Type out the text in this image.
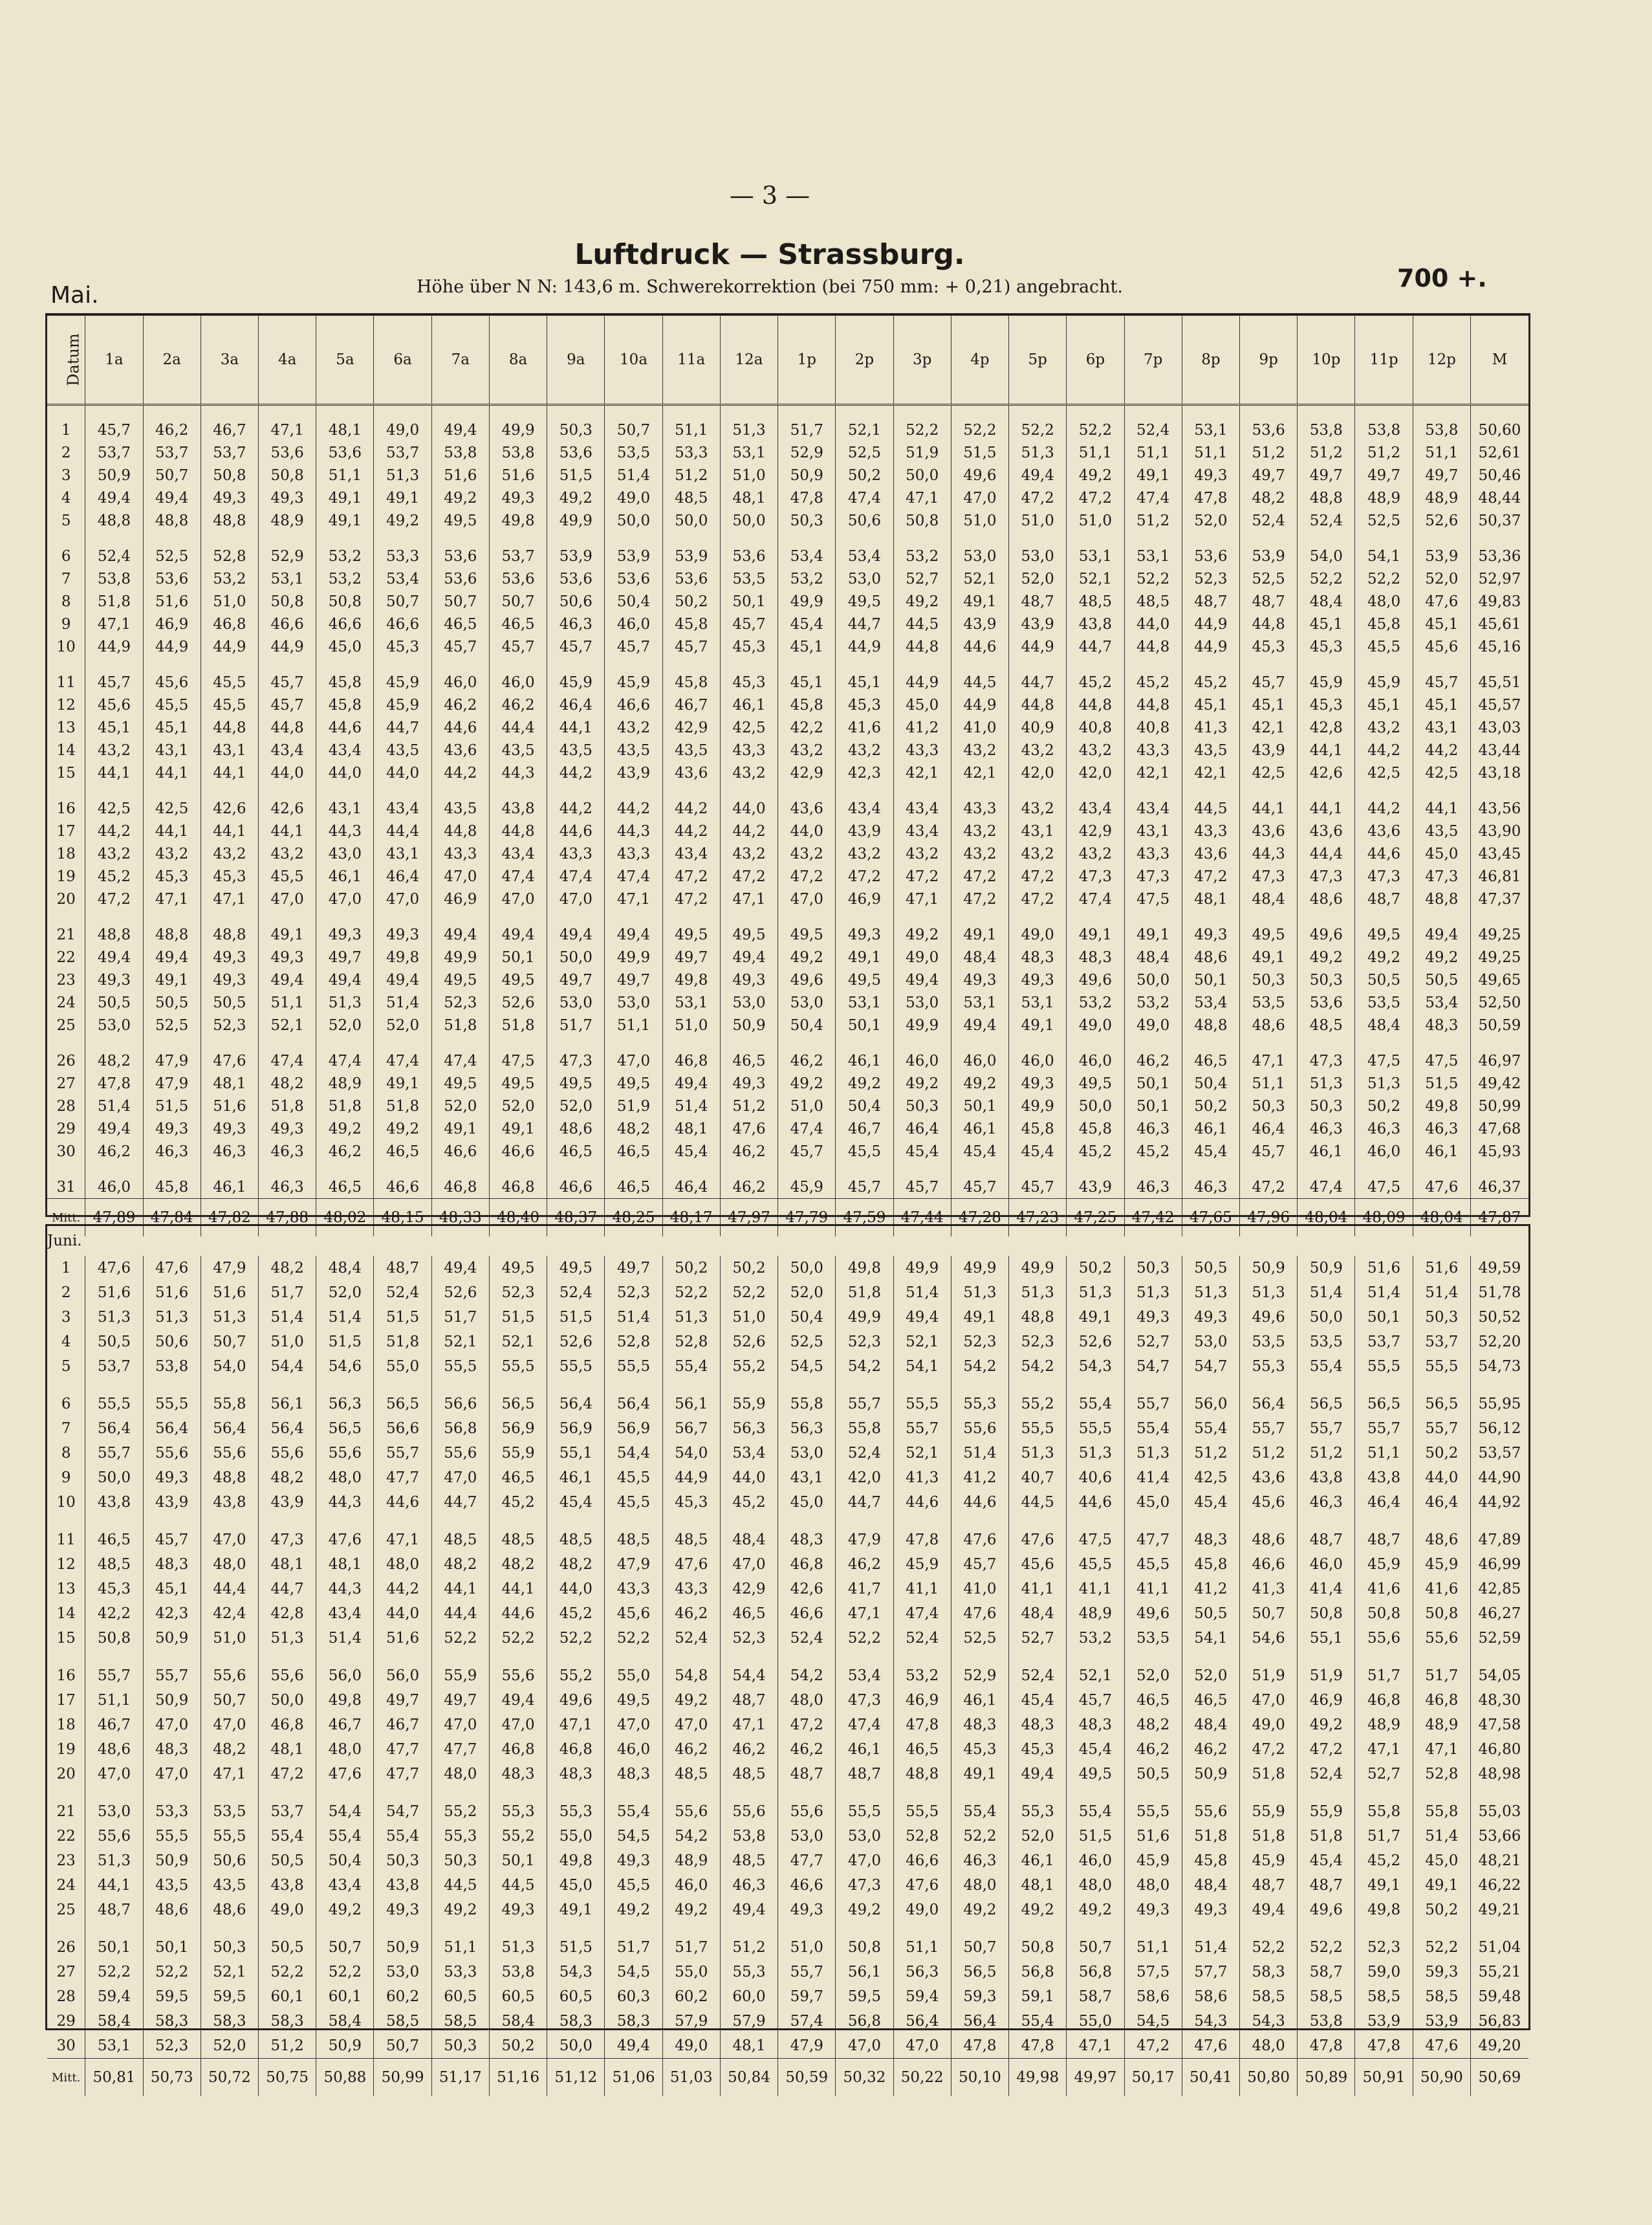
— 3 —
Luftdruck — Strassburg.
Mai.	Höhe über N N: 143,6 m. Schwerekorrektion (bei 750 mm: + 0,21) angebracht.	700 +.
Datum	1a	2a	3a	4a	5a	6a	7a	8a	9a	10a	11a	12a	1p	2p	3p	4p	5p	6p	7p	8p	9p	10p	11p	12p	M

1	45,7	46,2	46,7	47,1	48,1	49,0	49,4	49,9	50,3	50,7	51,1	51,3	51,7	52,1	52,2	52,2	52,2	52,2	52,4	53,1	53,6	53,8	53,8	53,8	50,60
2	53,7	53,7	53,7	53,6	53,6	53,7	53,8	53,8	53,6	53,5	53,3	53,1	52,9	52,5	51,9	51,5	51,3	51,1	51,1	51,1	51,2	51,2	51,2	51,1	52,61
3	50,9	50,7	50,8	50,8	51,1	51,3	51,6	51,6	51,5	51,4	51,2	51,0	50,9	50,2	50,0	49,6	49,4	49,2	49,1	49,3	49,7	49,7	49,7	49,7	50,46
4	49,4	49,4	49,3	49,3	49,1	49,1	49,2	49,3	49,2	49,0	48,5	48,1	47,8	47,4	47,1	47,0	47,2	47,2	47,4	47,8	48,2	48,8	48,9	48,9	48,44
5	48,8	48,8	48,8	48,9	49,1	49,2	49,5	49,8	49,9	50,0	50,0	50,0	50,3	50,6	50,8	51,0	51,0	51,0	51,2	52,0	52,4	52,4	52,5	52,6	50,37

6	52,4	52,5	52,8	52,9	53,2	53,3	53,6	53,7	53,9	53,9	53,9	53,6	53,4	53,4	53,2	53,0	53,0	53,1	53,1	53,6	53,9	54,0	54,1	53,9	53,36
7	53,8	53,6	53,2	53,1	53,2	53,4	53,6	53,6	53,6	53,6	53,6	53,5	53,2	53,0	52,7	52,1	52,0	52,1	52,2	52,3	52,5	52,2	52,2	52,0	52,97
8	51,8	51,6	51,0	50,8	50,8	50,7	50,7	50,7	50,6	50,4	50,2	50,1	49,9	49,5	49,2	49,1	48,7	48,5	48,5	48,7	48,7	48,4	48,0	47,6	49,83
9	47,1	46,9	46,8	46,6	46,6	46,6	46,5	46,5	46,3	46,0	45,8	45,7	45,4	44,7	44,5	43,9	43,9	43,8	44,0	44,9	44,8	45,1	45,8	45,1	45,61
10	44,9	44,9	44,9	44,9	45,0	45,3	45,7	45,7	45,7	45,7	45,7	45,3	45,1	44,9	44,8	44,6	44,9	44,7	44,8	44,9	45,3	45,3	45,5	45,6	45,16

11	45,7	45,6	45,5	45,7	45,8	45,9	46,0	46,0	45,9	45,9	45,8	45,3	45,1	45,1	44,9	44,5	44,7	45,2	45,2	45,2	45,7	45,9	45,9	45,7	45,51
12	45,6	45,5	45,5	45,7	45,8	45,9	46,2	46,2	46,4	46,6	46,7	46,1	45,8	45,3	45,0	44,9	44,8	44,8	44,8	45,1	45,1	45,3	45,1	45,1	45,57
13	45,1	45,1	44,8	44,8	44,6	44,7	44,6	44,4	44,1	43,2	42,9	42,5	42,2	41,6	41,2	41,0	40,9	40,8	40,8	41,3	42,1	42,8	43,2	43,1	43,03
14	43,2	43,1	43,1	43,4	43,4	43,5	43,6	43,5	43,5	43,5	43,5	43,3	43,2	43,2	43,3	43,2	43,2	43,2	43,3	43,5	43,9	44,1	44,2	44,2	43,44
15	44,1	44,1	44,1	44,0	44,0	44,0	44,2	44,3	44,2	43,9	43,6	43,2	42,9	42,3	42,1	42,1	42,0	42,0	42,1	42,1	42,5	42,6	42,5	42,5	43,18

16	42,5	42,5	42,6	42,6	43,1	43,4	43,5	43,8	44,2	44,2	44,2	44,0	43,6	43,4	43,4	43,3	43,2	43,4	43,4	44,5	44,1	44,1	44,2	44,1	43,56
17	44,2	44,1	44,1	44,1	44,3	44,4	44,8	44,8	44,6	44,3	44,2	44,2	44,0	43,9	43,4	43,2	43,1	42,9	43,1	43,3	43,6	43,6	43,6	43,5	43,90
18	43,2	43,2	43,2	43,2	43,0	43,1	43,3	43,4	43,3	43,3	43,4	43,2	43,2	43,2	43,2	43,2	43,2	43,2	43,3	43,6	44,3	44,4	44,6	45,0	43,45
19	45,2	45,3	45,3	45,5	46,1	46,4	47,0	47,4	47,4	47,4	47,2	47,2	47,2	47,2	47,2	47,2	47,2	47,3	47,3	47,2	47,3	47,3	47,3	47,3	46,81
20	47,2	47,1	47,1	47,0	47,0	47,0	46,9	47,0	47,0	47,1	47,2	47,1	47,0	46,9	47,1	47,2	47,2	47,4	47,5	48,1	48,4	48,6	48,7	48,8	47,37

21	48,8	48,8	48,8	49,1	49,3	49,3	49,4	49,4	49,4	49,4	49,5	49,5	49,5	49,3	49,2	49,1	49,0	49,1	49,1	49,3	49,5	49,6	49,5	49,4	49,25
22	49,4	49,4	49,3	49,3	49,7	49,8	49,9	50,1	50,0	49,9	49,7	49,4	49,2	49,1	49,0	48,4	48,3	48,3	48,4	48,6	49,1	49,2	49,2	49,2	49,25
23	49,3	49,1	49,3	49,4	49,4	49,4	49,5	49,5	49,7	49,7	49,8	49,3	49,6	49,5	49,4	49,3	49,3	49,6	50,0	50,1	50,3	50,3	50,5	50,5	49,65
24	50,5	50,5	50,5	51,1	51,3	51,4	52,3	52,6	53,0	53,0	53,1	53,0	53,0	53,1	53,0	53,1	53,1	53,2	53,2	53,4	53,5	53,6	53,5	53,4	52,50
25	53,0	52,5	52,3	52,1	52,0	52,0	51,8	51,8	51,7	51,1	51,0	50,9	50,4	50,1	49,9	49,4	49,1	49,0	49,0	48,8	48,6	48,5	48,4	48,3	50,59

26	48,2	47,9	47,6	47,4	47,4	47,4	47,4	47,5	47,3	47,0	46,8	46,5	46,2	46,1	46,0	46,0	46,0	46,0	46,2	46,5	47,1	47,3	47,5	47,5	46,97
27	47,8	47,9	48,1	48,2	48,9	49,1	49,5	49,5	49,5	49,5	49,4	49,3	49,2	49,2	49,2	49,2	49,3	49,5	50,1	50,4	51,1	51,3	51,3	51,5	49,42
28	51,4	51,5	51,6	51,8	51,8	51,8	52,0	52,0	52,0	51,9	51,4	51,2	51,0	50,4	50,3	50,1	49,9	50,0	50,1	50,2	50,3	50,3	50,2	49,8	50,99
29	49,4	49,3	49,3	49,3	49,2	49,2	49,1	49,1	48,6	48,2	48,1	47,6	47,4	46,7	46,4	46,1	45,8	45,8	46,3	46,1	46,4	46,3	46,3	46,3	47,68
30	46,2	46,3	46,3	46,3	46,2	46,5	46,6	46,6	46,5	46,5	45,4	46,2	45,7	45,5	45,4	45,4	45,4	45,2	45,2	45,4	45,7	46,1	46,0	46,1	45,93

31	46,0	45,8	46,1	46,3	46,5	46,6	46,8	46,8	46,6	46,5	46,4	46,2	45,9	45,7	45,7	45,7	45,7	43,9	46,3	46,3	47,2	47,4	47,5	47,6	46,37
Mitt.	47,89	47,84	47,82	47,88	48,02	48,15	48,33	48,40	48,37	48,25	48,17	47,97	47,79	47,59	47,44	47,28	47,23	47,25	47,42	47,65	47,96	48,04	48,09	48,04	47,87
Juni.																									
1	47,6	47,6	47,9	48,2	48,4	48,7	49,4	49,5	49,5	49,7	50,2	50,2	50,0	49,8	49,9	49,9	49,9	50,2	50,3	50,5	50,9	50,9	51,6	51,6	49,59
2	51,6	51,6	51,6	51,7	52,0	52,4	52,6	52,3	52,4	52,3	52,2	52,2	52,0	51,8	51,4	51,3	51,3	51,3	51,3	51,3	51,3	51,4	51,4	51,4	51,78
3	51,3	51,3	51,3	51,4	51,4	51,5	51,7	51,5	51,5	51,4	51,3	51,0	50,4	49,9	49,4	49,1	48,8	49,1	49,3	49,3	49,6	50,0	50,1	50,3	50,52
4	50,5	50,6	50,7	51,0	51,5	51,8	52,1	52,1	52,6	52,8	52,8	52,6	52,5	52,3	52,1	52,3	52,3	52,6	52,7	53,0	53,5	53,5	53,7	53,7	52,20
5	53,7	53,8	54,0	54,4	54,6	55,0	55,5	55,5	55,5	55,5	55,4	55,2	54,5	54,2	54,1	54,2	54,2	54,3	54,7	54,7	55,3	55,4	55,5	55,5	54,73

6	55,5	55,5	55,8	56,1	56,3	56,5	56,6	56,5	56,4	56,4	56,1	55,9	55,8	55,7	55,5	55,3	55,2	55,4	55,7	56,0	56,4	56,5	56,5	56,5	55,95
7	56,4	56,4	56,4	56,4	56,5	56,6	56,8	56,9	56,9	56,9	56,7	56,3	56,3	55,8	55,7	55,6	55,5	55,5	55,4	55,4	55,7	55,7	55,7	55,7	56,12
8	55,7	55,6	55,6	55,6	55,6	55,7	55,6	55,9	55,1	54,4	54,0	53,4	53,0	52,4	52,1	51,4	51,3	51,3	51,3	51,2	51,2	51,2	51,1	50,2	53,57
9	50,0	49,3	48,8	48,2	48,0	47,7	47,0	46,5	46,1	45,5	44,9	44,0	43,1	42,0	41,3	41,2	40,7	40,6	41,4	42,5	43,6	43,8	43,8	44,0	44,90
10	43,8	43,9	43,8	43,9	44,3	44,6	44,7	45,2	45,4	45,5	45,3	45,2	45,0	44,7	44,6	44,6	44,5	44,6	45,0	45,4	45,6	46,3	46,4	46,4	44,92

11	46,5	45,7	47,0	47,3	47,6	47,1	48,5	48,5	48,5	48,5	48,5	48,4	48,3	47,9	47,8	47,6	47,6	47,5	47,7	48,3	48,6	48,7	48,7	48,6	47,89
12	48,5	48,3	48,0	48,1	48,1	48,0	48,2	48,2	48,2	47,9	47,6	47,0	46,8	46,2	45,9	45,7	45,6	45,5	45,5	45,8	46,6	46,0	45,9	45,9	46,99
13	45,3	45,1	44,4	44,7	44,3	44,2	44,1	44,1	44,0	43,3	43,3	42,9	42,6	41,7	41,1	41,0	41,1	41,1	41,1	41,2	41,3	41,4	41,6	41,6	42,85
14	42,2	42,3	42,4	42,8	43,4	44,0	44,4	44,6	45,2	45,6	46,2	46,5	46,6	47,1	47,4	47,6	48,4	48,9	49,6	50,5	50,7	50,8	50,8	50,8	46,27
15	50,8	50,9	51,0	51,3	51,4	51,6	52,2	52,2	52,2	52,2	52,4	52,3	52,4	52,2	52,4	52,5	52,7	53,2	53,5	54,1	54,6	55,1	55,6	55,6	52,59

16	55,7	55,7	55,6	55,6	56,0	56,0	55,9	55,6	55,2	55,0	54,8	54,4	54,2	53,4	53,2	52,9	52,4	52,1	52,0	52,0	51,9	51,9	51,7	51,7	54,05
17	51,1	50,9	50,7	50,0	49,8	49,7	49,7	49,4	49,6	49,5	49,2	48,7	48,0	47,3	46,9	46,1	45,4	45,7	46,5	46,5	47,0	46,9	46,8	46,8	48,30
18	46,7	47,0	47,0	46,8	46,7	46,7	47,0	47,0	47,1	47,0	47,0	47,1	47,2	47,4	47,8	48,3	48,3	48,3	48,2	48,4	49,0	49,2	48,9	48,9	47,58
19	48,6	48,3	48,2	48,1	48,0	47,7	47,7	46,8	46,8	46,0	46,2	46,2	46,2	46,1	46,5	45,3	45,3	45,4	46,2	46,2	47,2	47,2	47,1	47,1	46,80
20	47,0	47,0	47,1	47,2	47,6	47,7	48,0	48,3	48,3	48,3	48,5	48,5	48,7	48,7	48,8	49,1	49,4	49,5	50,5	50,9	51,8	52,4	52,7	52,8	48,98

21	53,0	53,3	53,5	53,7	54,4	54,7	55,2	55,3	55,3	55,4	55,6	55,6	55,6	55,5	55,5	55,4	55,3	55,4	55,5	55,6	55,9	55,9	55,8	55,8	55,03
22	55,6	55,5	55,5	55,4	55,4	55,4	55,3	55,2	55,0	54,5	54,2	53,8	53,0	53,0	52,8	52,2	52,0	51,5	51,6	51,8	51,8	51,8	51,7	51,4	53,66
23	51,3	50,9	50,6	50,5	50,4	50,3	50,3	50,1	49,8	49,3	48,9	48,5	47,7	47,0	46,6	46,3	46,1	46,0	45,9	45,8	45,9	45,4	45,2	45,0	48,21
24	44,1	43,5	43,5	43,8	43,4	43,8	44,5	44,5	45,0	45,5	46,0	46,3	46,6	47,3	47,6	48,0	48,1	48,0	48,0	48,4	48,7	48,7	49,1	49,1	46,22
25	48,7	48,6	48,6	49,0	49,2	49,3	49,2	49,3	49,1	49,2	49,2	49,4	49,3	49,2	49,0	49,2	49,2	49,2	49,3	49,3	49,4	49,6	49,8	50,2	49,21

26	50,1	50,1	50,3	50,5	50,7	50,9	51,1	51,3	51,5	51,7	51,7	51,2	51,0	50,8	51,1	50,7	50,8	50,7	51,1	51,4	52,2	52,2	52,3	52,2	51,04
27	52,2	52,2	52,1	52,2	52,2	53,0	53,3	53,8	54,3	54,5	55,0	55,3	55,7	56,1	56,3	56,5	56,8	56,8	57,5	57,7	58,3	58,7	59,0	59,3	55,21
28	59,4	59,5	59,5	60,1	60,1	60,2	60,5	60,5	60,5	60,3	60,2	60,0	59,7	59,5	59,4	59,3	59,1	58,7	58,6	58,6	58,5	58,5	58,5	58,5	59,48
29	58,4	58,3	58,3	58,3	58,4	58,5	58,5	58,4	58,3	58,3	57,9	57,9	57,4	56,8	56,4	56,4	55,4	55,0	54,5	54,3	54,3	53,8	53,9	53,9	56,83
30	53,1	52,3	52,0	51,2	50,9	50,7	50,3	50,2	50,0	49,4	49,0	48,1	47,9	47,0	47,0	47,8	47,8	47,1	47,2	47,6	48,0	47,8	47,8	47,6	49,20
Mitt.	50,81	50,73	50,72	50,75	50,88	50,99	51,17	51,16	51,12	51,06	51,03	50,84	50,59	50,32	50,22	50,10	49,98	49,97	50,17	50,41	50,80	50,89	50,91	50,90	50,69
